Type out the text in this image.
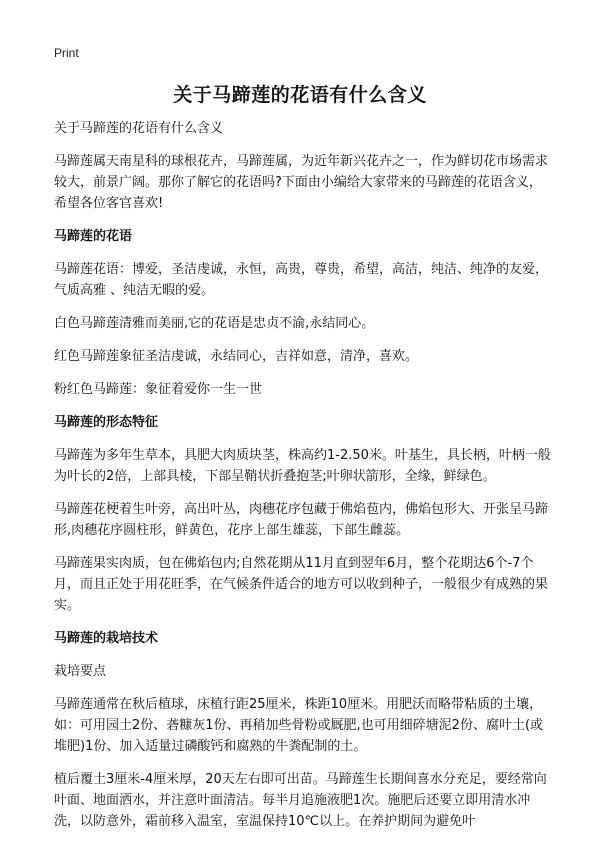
Print
关于马蹄莲的花语有什么含义

关于马蹄莲的花语有什么含义

马蹄莲属天南星科的球根花卉，马蹄莲属，为近年新兴花卉之一，作为鲜切花市场需求较大，前景广阔。那你了解它的花语吗?下面由小编给大家带来的马蹄莲的花语含义，希望各位客官喜欢!

马蹄莲的花语

马蹄莲花语：博爱，圣洁虔诚，永恒，高贵，尊贵，希望，高洁，纯洁、纯净的友爱，气质高雅 、纯洁无暇的爱。

白色马蹄莲清雅而美丽,它的花语是忠贞不渝,永结同心。

红色马蹄莲象征圣洁虔诚，永结同心，吉祥如意，清净，喜欢。

粉红色马蹄莲：象征着爱你一生一世

马蹄莲的形态特征

马蹄莲为多年生草本，具肥大肉质块茎，株高约1-2.50米。叶基生，具长柄，叶柄一般为叶长的2倍，上部具棱，下部呈鞘状折叠抱茎;叶卵状箭形，全缘，鲜绿色。

马蹄莲花梗着生叶旁，高出叶丛，肉穗花序包藏于佛焰苞内，佛焰包形大、开张呈马蹄形,肉穗花序圆柱形，鲜黄色，花序上部生雄蕊，下部生雌蕊。

马蹄莲果实肉质，包在佛焰包内;自然花期从11月直到翌年6月，整个花期达6个-7个月，而且正处于用花旺季，在气候条件适合的地方可以收到种子，一般很少有成熟的果实。

马蹄莲的栽培技术

栽培要点

马蹄莲通常在秋后植球，床植行距25厘米，株距10厘米。用肥沃而略带粘质的土壤，如：可用园土2份、砻糠灰1份、再稍加些骨粉或厩肥,也可用细碎塘泥2份、腐叶土(或堆肥)1份、加入适量过磷酸钙和腐熟的牛粪配制的土。

植后覆土3厘米-4厘米厚，20天左右即可出苗。马蹄莲生长期间喜水分充足，要经常向叶面、地面洒水，并注意叶面清洁。每半月追施液肥1次。施肥后还要立即用清水冲洗，以防意外，霜前移入温室，室温保持10℃以上。在养护期间为避免叶
